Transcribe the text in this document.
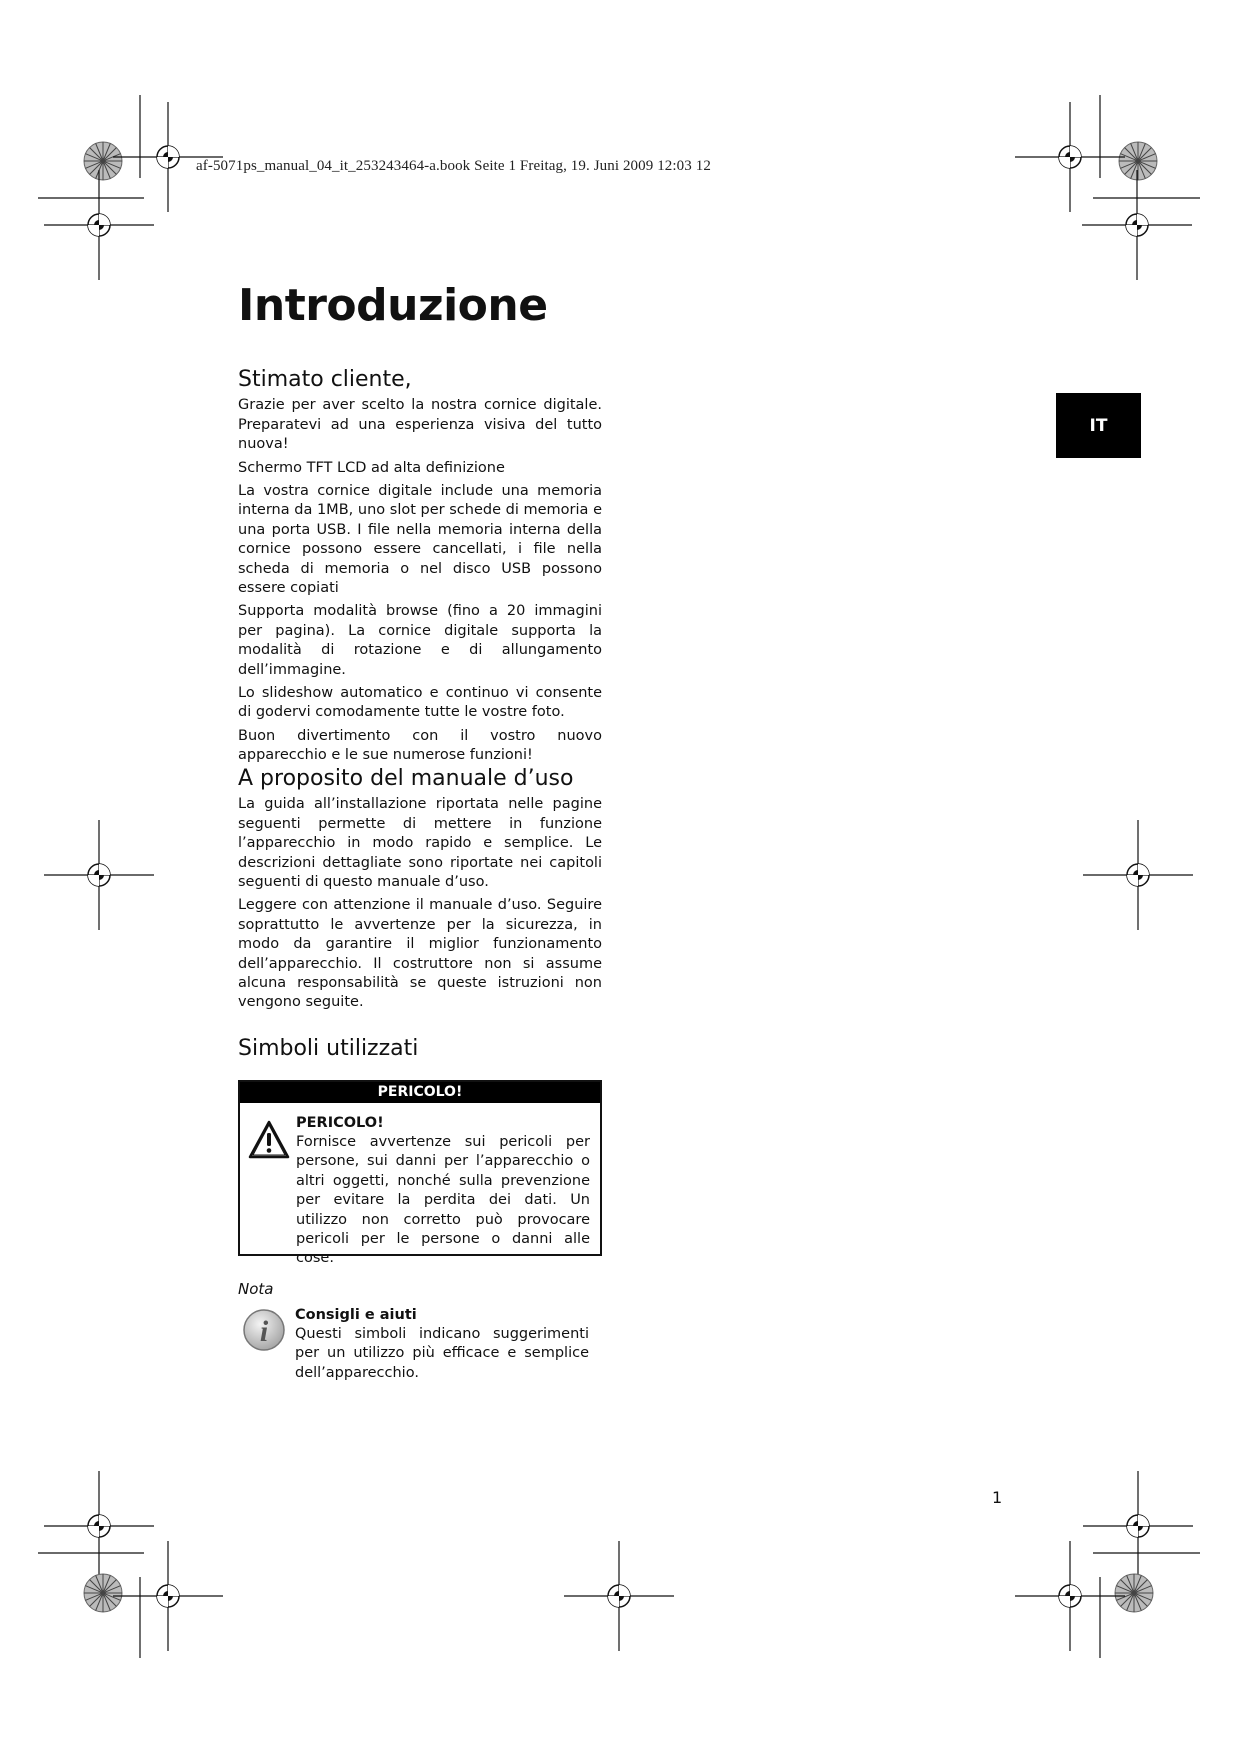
af-5071ps_manual_04_it_253243464-a.book Seite 1 Freitag, 19. Juni 2009 12:03 12
Introduzione
IT
Stimato cliente,

Grazie per aver scelto la nostra cornice digitale. Preparatevi ad una esperienza visiva del tutto nuova!

Schermo TFT LCD ad alta definizione

La vostra cornice digitale include una memoria interna da 1MB, uno slot per schede di memoria e una porta USB. I file nella memoria interna della cornice possono essere cancellati, i file nella scheda di memoria o nel disco USB possono essere copiati

Supporta modalità browse (fino a 20 immagini per pagina). La cornice digitale supporta la modalità di rotazione e di allungamento dell’immagine.

Lo slideshow automatico e continuo vi consente di godervi comodamente tutte le vostre foto.

Buon divertimento con il vostro nuovo apparecchio e le sue numerose funzioni!

A proposito del manuale d’uso

La guida all’installazione riportata nelle pagine seguenti permette di mettere in funzione l’apparecchio in modo rapido e semplice. Le descrizioni dettagliate sono riportate nei capitoli seguenti di questo manuale d’uso.

Leggere con attenzione il manuale d’uso. Seguire soprattutto le avvertenze per la sicurezza, in modo da garantire il miglior funzionamento dell’apparecchio. Il costruttore non si assume alcuna responsabilità se queste istruzioni non vengono seguite.

Simboli utilizzati
PERICOLO!
PERICOLO!

Fornisce avvertenze sui pericoli per persone, sui danni per l’apparecchio o altri oggetti, nonché sulla prevenzione per evitare la perdita dei dati. Un utilizzo non corretto può provocare pericoli per le persone o danni alle cose.

Nota
i Consigli e aiuti

Questi simboli indicano suggerimenti per un utilizzo più efficace e semplice dell’apparecchio.

1
